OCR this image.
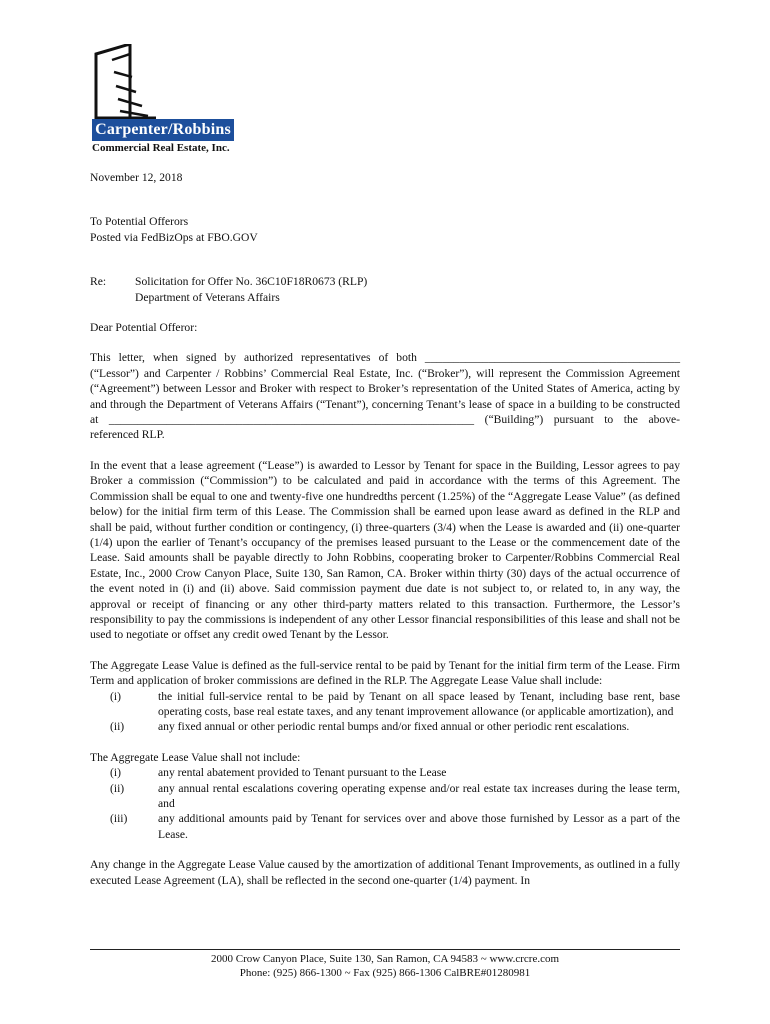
Carpenter/Robbins
Commercial Real Estate, Inc.

November 12, 2018

To Potential Offerors

Posted via FedBizOps at FBO.GOV

Re:	Solicitation for Offer No. 36C10F18R0673 (RLP)

Department of Veterans Affairs

Dear Potential Offeror:

This letter, when signed by authorized representatives of both ____________________________________________ (“Lessor”) and Carpenter / Robbins’ Commercial Real Estate, Inc. (“Broker”), will represent the Commission Agreement (“Agreement”) between Lessor and Broker with respect to Broker’s representation of the United States of America, acting by and through the Department of Veterans Affairs (“Tenant”), concerning Tenant’s lease of space in a building to be constructed at _______________________________________________________________ (“Building”) pursuant to the above-referenced RLP.

In the event that a lease agreement (“Lease”) is awarded to Lessor by Tenant for space in the Building, Lessor agrees to pay Broker a commission (“Commission”) to be calculated and paid in accordance with the terms of this Agreement. The Commission shall be equal to one and twenty-five one hundredths percent (1.25%) of the “Aggregate Lease Value” (as defined below) for the initial firm term of this Lease. The Commission shall be earned upon lease award as defined in the RLP and shall be paid, without further condition or contingency, (i) three-quarters (3/4) when the Lease is awarded and (ii) one-quarter (1/4) upon the earlier of Tenant’s occupancy of the premises leased pursuant to the Lease or the commencement date of the Lease. Said amounts shall be payable directly to John Robbins, cooperating broker to Carpenter/Robbins Commercial Real Estate, Inc., 2000 Crow Canyon Place, Suite 130, San Ramon, CA. Broker within thirty (30) days of the actual occurrence of the event noted in (i) and (ii) above. Said commission payment due date is not subject to, or related to, in any way, the approval or receipt of financing or any other third-party matters related to this transaction. Furthermore, the Lessor’s responsibility to pay the commissions is independent of any other Lessor financial responsibilities of this lease and shall not be used to negotiate or offset any credit owed Tenant by the Lessor.

The Aggregate Lease Value is defined as the full-service rental to be paid by Tenant for the initial firm term of the Lease. Firm Term and application of broker commissions are defined in the RLP. The Aggregate Lease Value shall include:

(i)	the initial full-service rental to be paid by Tenant on all space leased by Tenant, including base rent, base operating costs, base real estate taxes, and any tenant improvement allowance (or applicable amortization), and
(ii)	any fixed annual or other periodic rental bumps and/or fixed annual or other periodic rent escalations.

The Aggregate Lease Value shall not include:

(i)	any rental abatement provided to Tenant pursuant to the Lease
(ii)	any annual rental escalations covering operating expense and/or real estate tax increases during the lease term, and
(iii)	any additional amounts paid by Tenant for services over and above those furnished by Lessor as a part of the Lease.

Any change in the Aggregate Lease Value caused by the amortization of additional Tenant Improvements, as outlined in a fully executed Lease Agreement (LA), shall be reflected in the second one-quarter (1/4) payment. In

2000 Crow Canyon Place, Suite 130, San Ramon, CA 94583 ~ www.crcre.com
Phone: (925) 866-1300 ~ Fax (925) 866-1306 CalBRE#01280981
